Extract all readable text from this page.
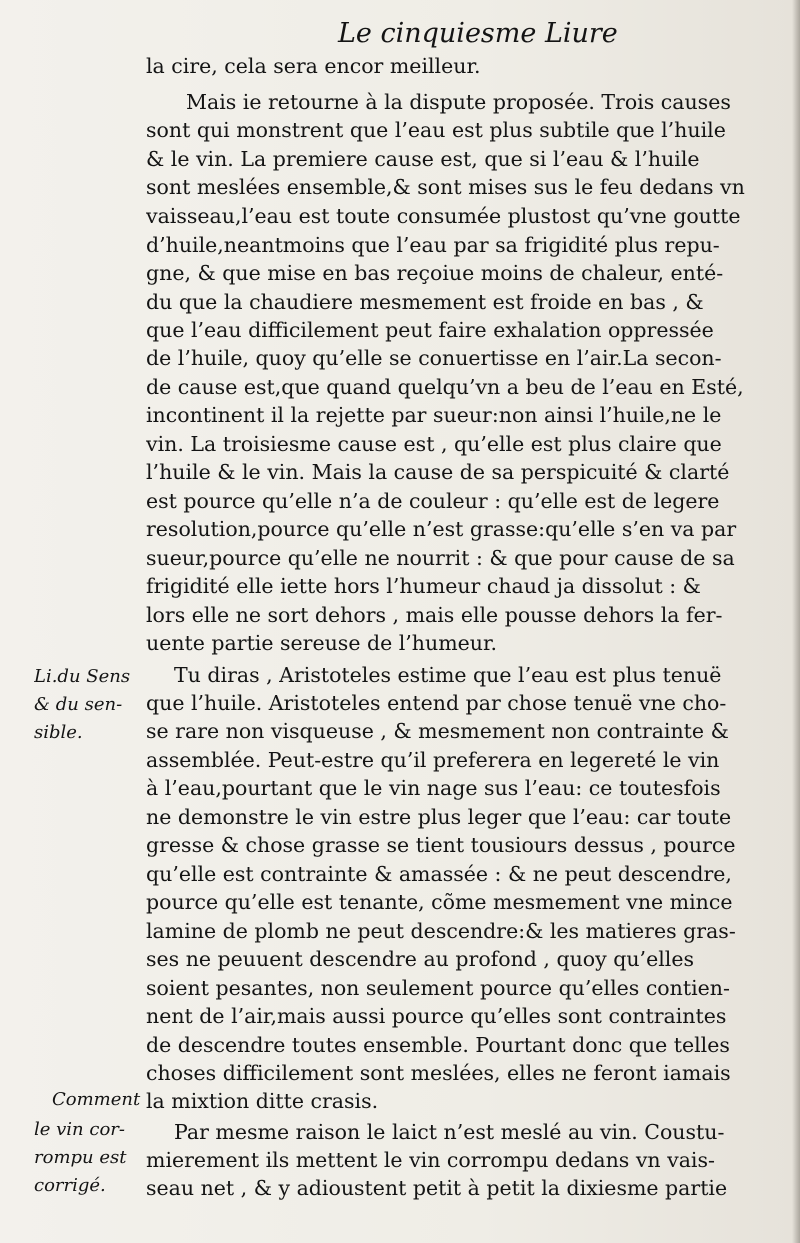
Le cinquiesme Liure
la cire, cela sera encor meilleur.
Mais ie retourne à la dispute proposée. Trois causes
sont qui monstrent que l’eau est plus subtile que l’huile
& le vin. La premiere cause est, que si l’eau & l’huile
sont meslées ensemble,& sont mises sus le feu dedans vn
vaisseau,l’eau est toute consumée plustost qu’vne goutte
d’huile,neantmoins que l’eau par sa frigidité plus repu-
gne, & que mise en bas reçoiue moins de chaleur, enté-
du que la chaudiere mesmement est froide en bas , &
que l’eau difficilement peut faire exhalation oppressée
de l’huile, quoy qu’elle se conuertisse en l’air.La secon-
de cause est,que quand quelqu’vn a beu de l’eau en Esté,
incontinent il la rejette par sueur:non ainsi l’huile,ne le
vin. La troisiesme cause est , qu’elle est plus claire que
l’huile & le vin. Mais la cause de sa perspicuité & clarté
est pource qu’elle n’a de couleur : qu’elle est de legere
resolution,pource qu’elle n’est grasse:qu’elle s’en va par
sueur,pource qu’elle ne nourrit : & que pour cause de sa
frigidité elle iette hors l’humeur chaud ja dissolut : &
lors elle ne sort dehors , mais elle pousse dehors la fer-
uente partie sereuse de l’humeur.
Tu diras , Aristoteles estime que l’eau est plus tenuë
que l’huile. Aristoteles entend par chose tenuë vne cho-
se rare non visqueuse , & mesmement non contrainte &
assemblée. Peut-estre qu’il preferera en legereté le vin
à l’eau,pourtant que le vin nage sus l’eau: ce toutesfois
ne demonstre le vin estre plus leger que l’eau: car toute
gresse & chose grasse se tient tousiours dessus , pource
qu’elle est contrainte & amassée : & ne peut descendre,
pource qu’elle est tenante, cõme mesmement vne mince
lamine de plomb ne peut descendre:& les matieres gras-
ses ne peuuent descendre au profond , quoy qu’elles
soient pesantes, non seulement pource qu’elles contien-
nent de l’air,mais aussi pource qu’elles sont contraintes
de descendre toutes ensemble. Pourtant donc que telles
choses difficilement sont meslées, elles ne feront iamais
la mixtion ditte crasis.
Par mesme raison le laict n’est meslé au vin. Coustu-
mierement ils mettent le vin corrompu dedans vn vais-
seau net , & y adioustent petit à petit la dixiesme partie
Li.du Sens
& du sen-
sible.
Comment
le vin cor-
rompu est
corrigé.
